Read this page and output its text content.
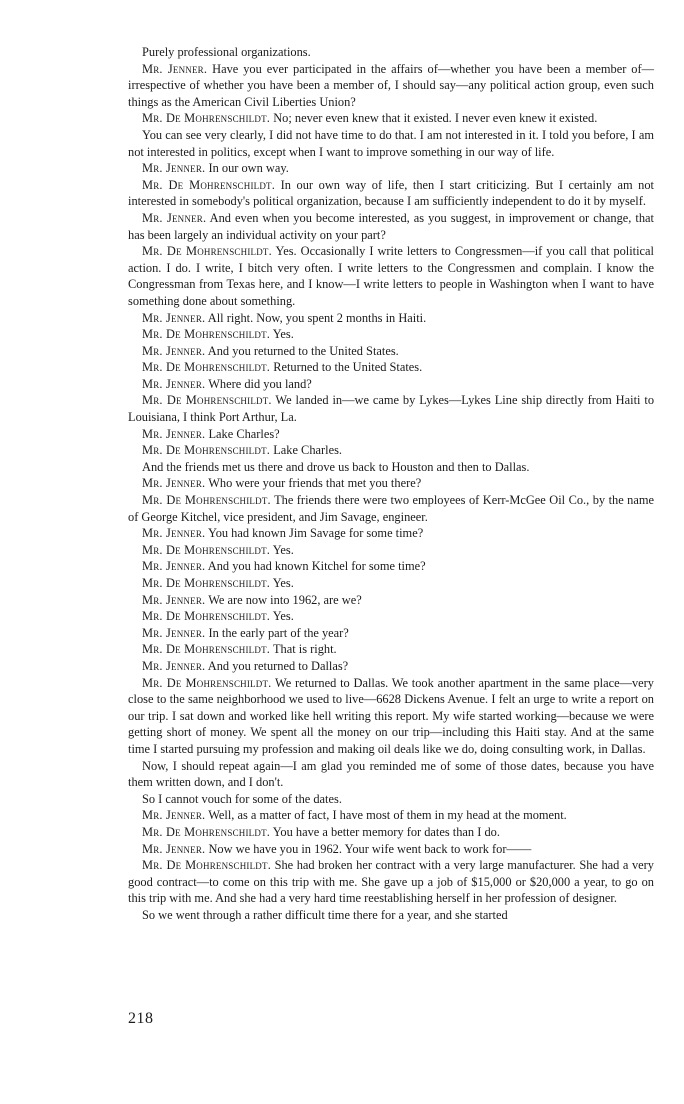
Purely professional organizations.

Mr. Jenner. Have you ever participated in the affairs of—whether you have been a member of—irrespective of whether you have been a member of, I should say—any political action group, even such things as the American Civil Liberties Union?

Mr. De Mohrenschildt. No; never even knew that it existed. I never even knew it existed.

You can see very clearly, I did not have time to do that. I am not interested in it. I told you before, I am not interested in politics, except when I want to improve something in our way of life.

Mr. Jenner. In our own way.

Mr. De Mohrenschildt. In our own way of life, then I start criticizing. But I certainly am not interested in somebody's political organization, because I am sufficiently independent to do it by myself.

Mr. Jenner. And even when you become interested, as you suggest, in improvement or change, that has been largely an individual activity on your part?

Mr. De Mohrenschildt. Yes. Occasionally I write letters to Congressmen—if you call that political action. I do. I write, I bitch very often. I write letters to the Congressmen and complain. I know the Congressman from Texas here, and I know—I write letters to people in Washington when I want to have something done about something.

Mr. Jenner. All right. Now, you spent 2 months in Haiti.

Mr. De Mohrenschildt. Yes.

Mr. Jenner. And you returned to the United States.

Mr. De Mohrenschildt. Returned to the United States.

Mr. Jenner. Where did you land?

Mr. De Mohrenschildt. We landed in—we came by Lykes—Lykes Line ship directly from Haiti to Louisiana, I think Port Arthur, La.

Mr. Jenner. Lake Charles?

Mr. De Mohrenschildt. Lake Charles.

And the friends met us there and drove us back to Houston and then to Dallas.

Mr. Jenner. Who were your friends that met you there?

Mr. De Mohrenschildt. The friends there were two employees of Kerr-McGee Oil Co., by the name of George Kitchel, vice president, and Jim Savage, engineer.

Mr. Jenner. You had known Jim Savage for some time?

Mr. De Mohrenschildt. Yes.

Mr. Jenner. And you had known Kitchel for some time?

Mr. De Mohrenschildt. Yes.

Mr. Jenner. We are now into 1962, are we?

Mr. De Mohrenschildt. Yes.

Mr. Jenner. In the early part of the year?

Mr. De Mohrenschildt. That is right.

Mr. Jenner. And you returned to Dallas?

Mr. De Mohrenschildt. We returned to Dallas. We took another apartment in the same place—very close to the same neighborhood we used to live—6628 Dickens Avenue. I felt an urge to write a report on our trip. I sat down and worked like hell writing this report. My wife started working—because we were getting short of money. We spent all the money on our trip—including this Haiti stay. And at the same time I started pursuing my profession and making oil deals like we do, doing consulting work, in Dallas.

Now, I should repeat again—I am glad you reminded me of some of those dates, because you have them written down, and I don't.

So I cannot vouch for some of the dates.

Mr. Jenner. Well, as a matter of fact, I have most of them in my head at the moment.

Mr. De Mohrenschildt. You have a better memory for dates than I do.

Mr. Jenner. Now we have you in 1962. Your wife went back to work for——

Mr. De Mohrenschildt. She had broken her contract with a very large manufacturer. She had a very good contract—to come on this trip with me. She gave up a job of $15,000 or $20,000 a year, to go on this trip with me. And she had a very hard time reestablishing herself in her profession of designer.

So we went through a rather difficult time there for a year, and she started

218
